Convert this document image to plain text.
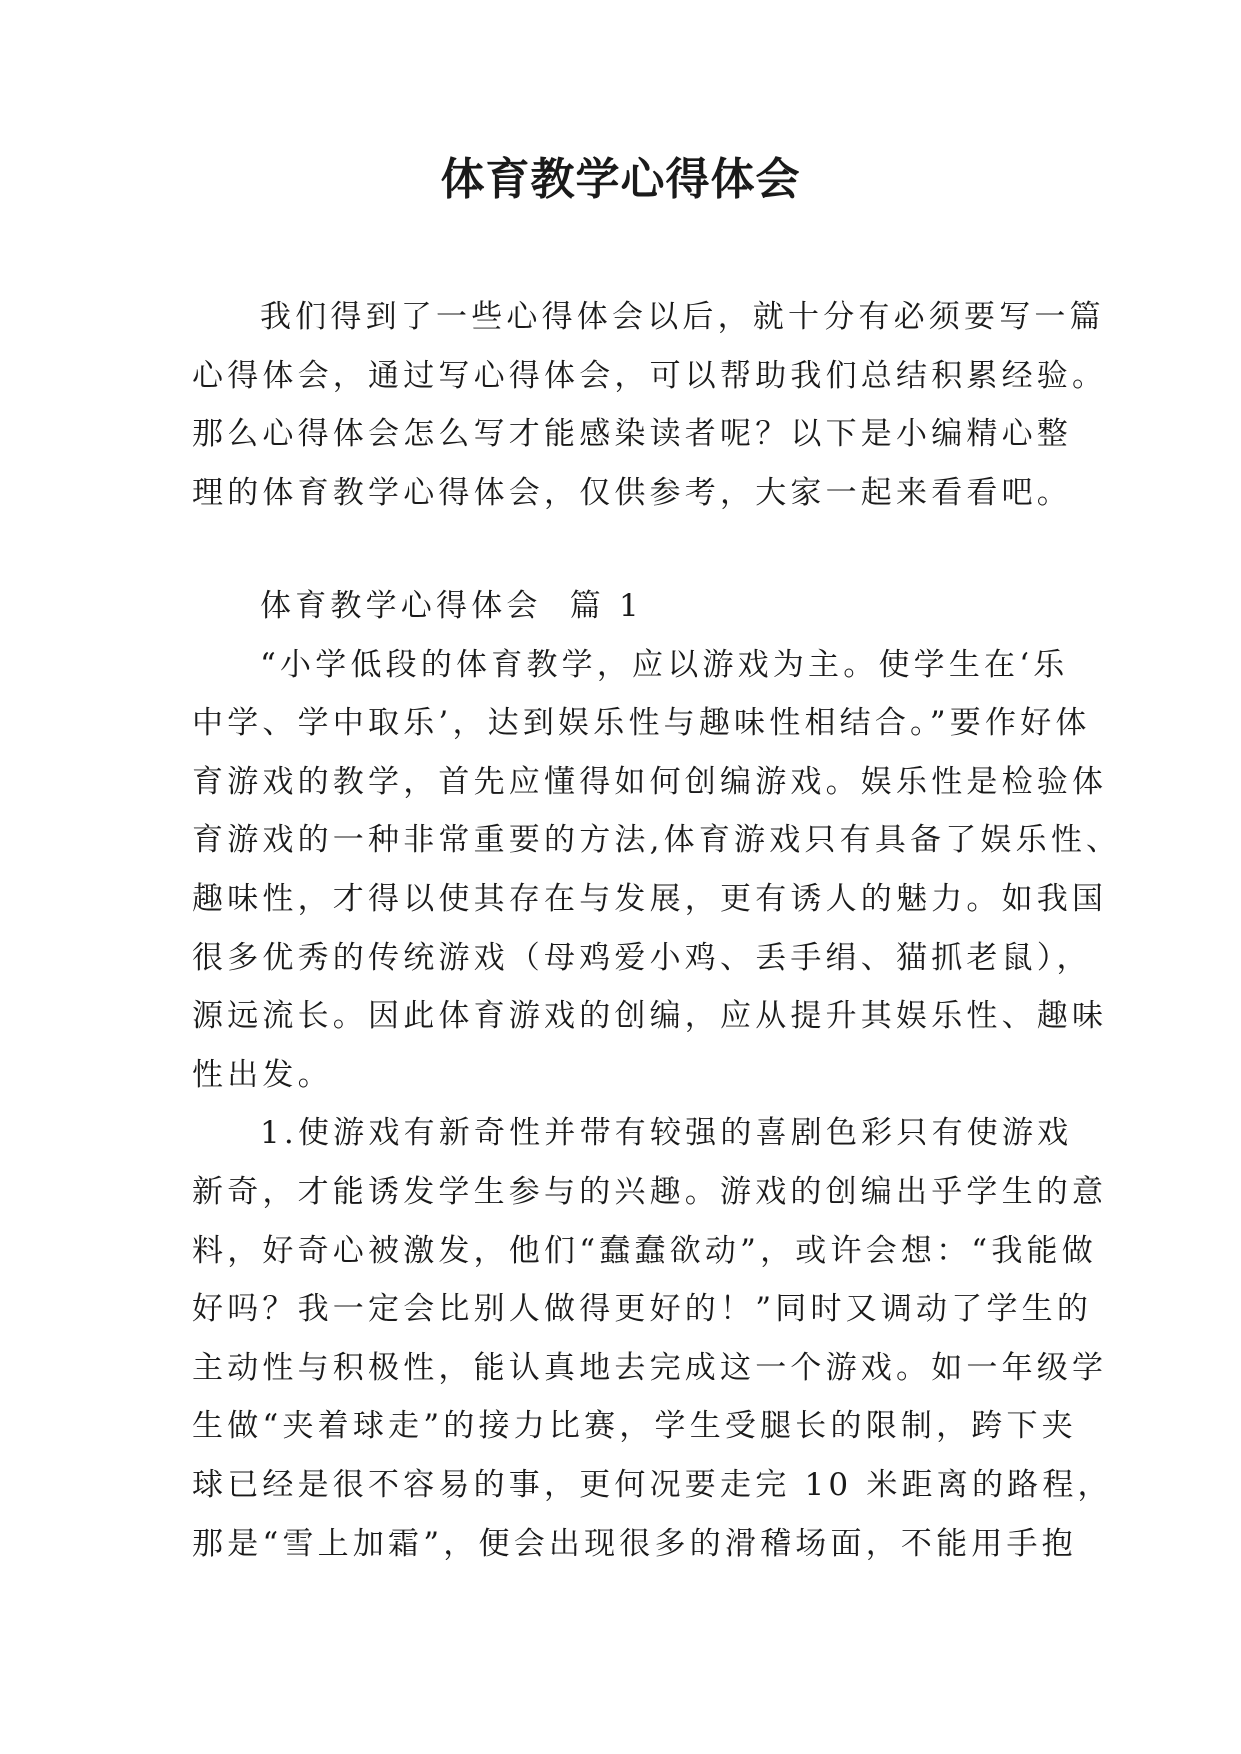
体育教学心得体会
我们得到了一些心得体会以后，就十分有必须要写一篇
心得体会，通过写心得体会，可以帮助我们总结积累经验。
那么心得体会怎么写才能感染读者呢？以下是小编精心整
理的体育教学心得体会，仅供参考，大家一起来看看吧。
体育教学心得体会  篇 1
“小学低段的体育教学，应以游戏为主。使学生在‘乐
中学、学中取乐’，达到娱乐性与趣味性相结合。”要作好体
育游戏的教学，首先应懂得如何创编游戏。娱乐性是检验体
育游戏的一种非常重要的方法,体育游戏只有具备了娱乐性、
趣味性，才得以使其存在与发展，更有诱人的魅力。如我国
很多优秀的传统游戏（母鸡爱小鸡、丢手绢、猫抓老鼠），
源远流长。因此体育游戏的创编，应从提升其娱乐性、趣味
性出发。
1.使游戏有新奇性并带有较强的喜剧色彩只有使游戏
新奇，才能诱发学生参与的兴趣。游戏的创编出乎学生的意
料，好奇心被激发，他们“蠢蠢欲动”，或许会想：“我能做
好吗？我一定会比别人做得更好的！”同时又调动了学生的
主动性与积极性，能认真地去完成这一个游戏。如一年级学
生做“夹着球走”的接力比赛，学生受腿长的限制，跨下夹
球已经是很不容易的事，更何况要走完 10 米距离的路程，
那是“雪上加霜”，便会出现很多的滑稽场面，不能用手抱
